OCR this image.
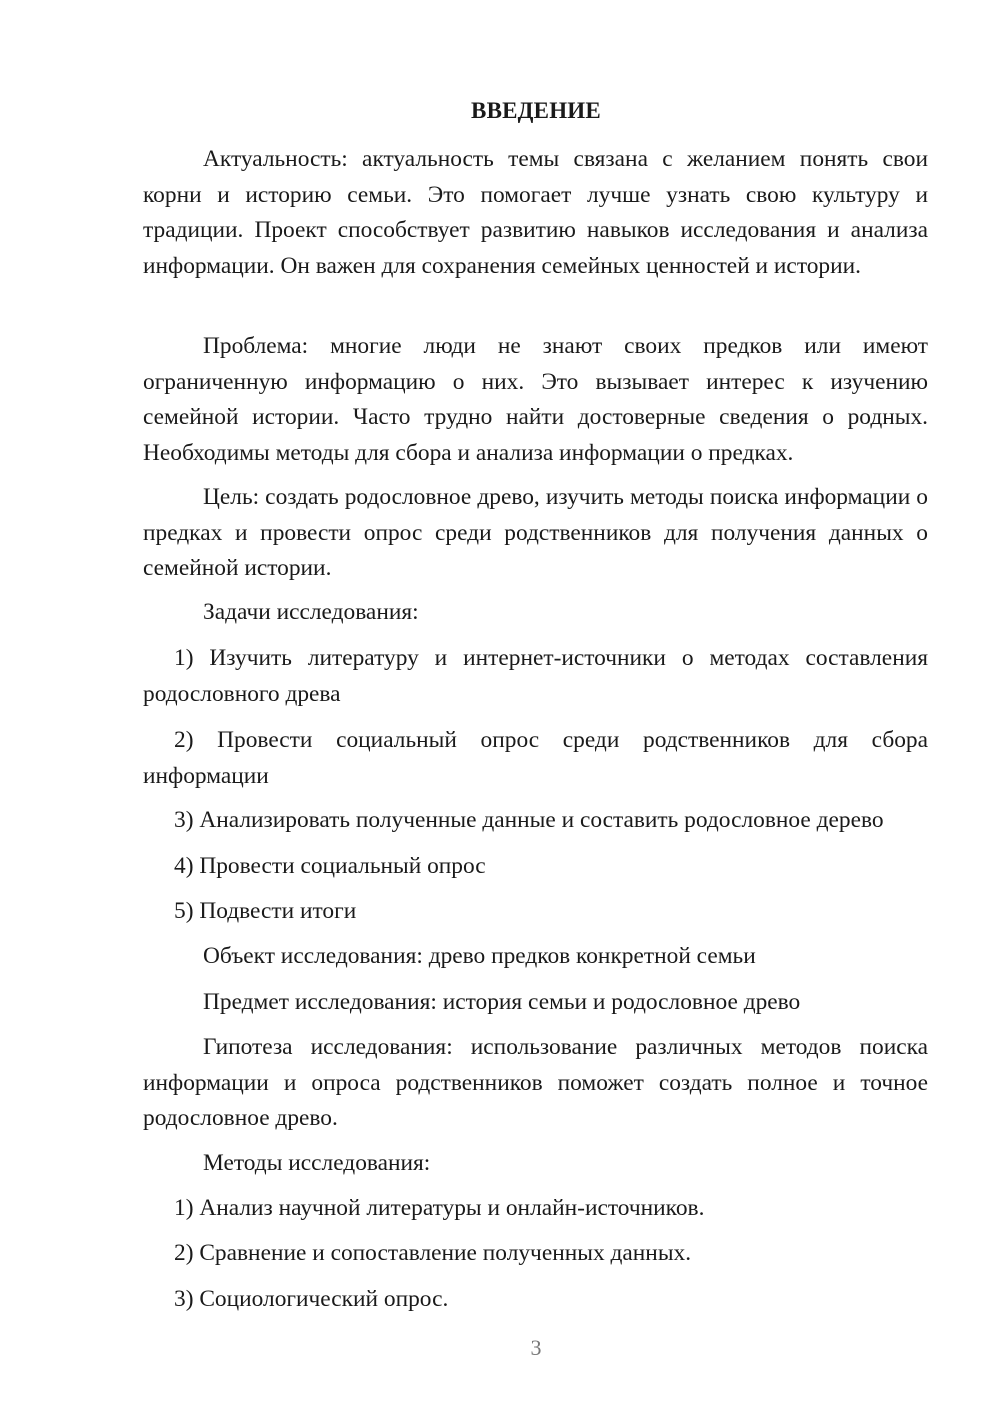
ВВЕДЕНИЕ

Актуальность: актуальность темы связана с желанием понять свои корни и историю семьи. Это помогает лучше узнать свою культуру и традиции. Проект способствует развитию навыков исследования и анализа информации. Он важен для сохранения семейных ценностей и истории.

Проблема: многие люди не знают своих предков или имеют ограниченную информацию о них. Это вызывает интерес к изучению семейной истории. Часто трудно найти достоверные сведения о родных. Необходимы методы для сбора и анализа информации о предках.

Цель: создать родословное древо, изучить методы поиска информации о предках и провести опрос среди родственников для получения данных о семейной истории.

Задачи исследования:

1) Изучить литературу и интернет-источники о методах составления родословного древа

2) Провести социальный опрос среди родственников для сбора информации

3) Анализировать полученные данные и составить родословное дерево

4) Провести социальный опрос

5) Подвести итоги

Объект исследования: древо предков конкретной семьи

Предмет исследования: история семьи и родословное древо

Гипотеза исследования: использование различных методов поиска информации и опроса родственников поможет создать полное и точное родословное древо.

Методы исследования:

1) Анализ научной литературы и онлайн-источников.

2) Сравнение и сопоставление полученных данных.

3) Социологический опрос.

3
